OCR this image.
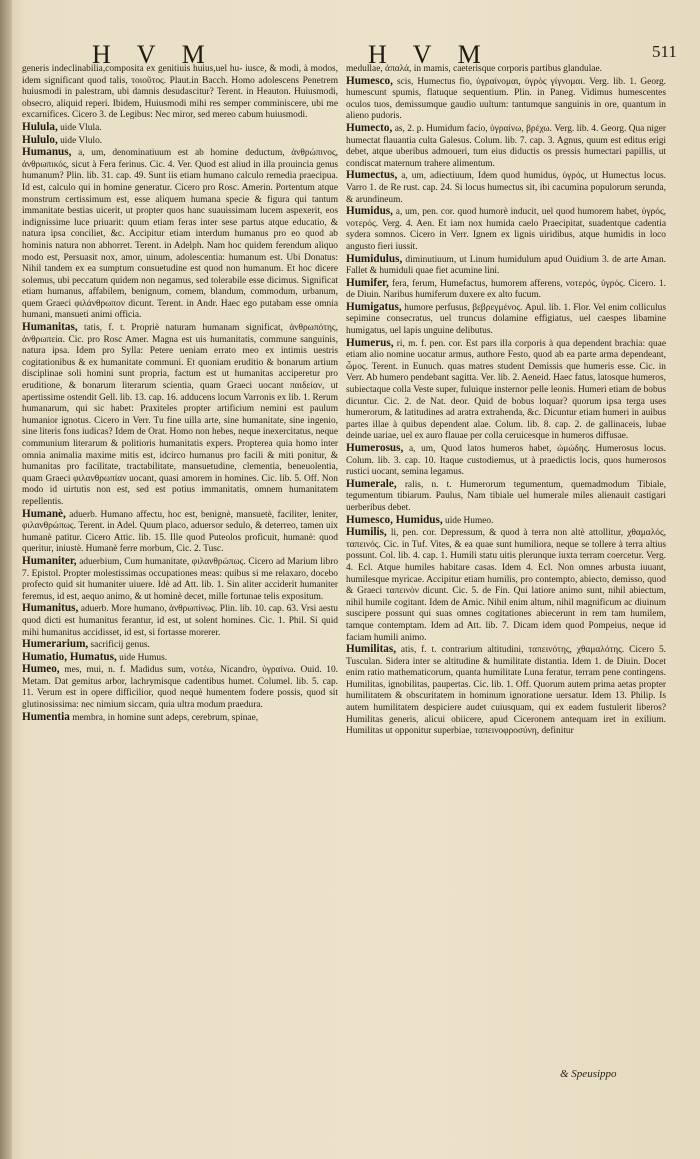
H V M	H V M	511

generis indeclinabilia,composita ex genitiuis huius,uel hu- iusce, & modi, à modos, idem significant quod talis, τοιοῦτος. Plaut.in Bacch. Homo adolescens Penetrem huiusmodi in palestram, ubi damnis desudascitur? Terent. in Heauton. Huiusmodi, obsecro, aliquid reperi. Ibidem, Huiusmodi mihi res semper comminiscere, ubi me excarnifices. Cicero 3. de Legibus: Nec miror, sed mereo cabum huiusmodi.

Hulula, uide Vlula.

Hululo, uide Vlulo.

Humanus, a, um, denominatiuum est ab homine deductum, ἀνθρώπινος, ἀνθρωπικός, sicut à Fera ferinus. Cic. 4. Ver. Quod est aliud in illa prouincia genus humanum? Plin. lib. 31. cap. 49. Sunt iis etiam humano calculo remedia praecipua. Id est, calculo qui in homine generatur. Cicero pro Rosc. Amerin. Portentum atque monstrum certissimum est, esse aliquem humana specie & figura qui tantum immanitate bestias uicerit, ut propter quos hanc suauissimam lucem aspexerit, eos indignissime luce priuarit: quum etiam feras inter sese partus atque educatio, & natura ipsa conciliet, &c. Accipitur etiam interdum humanus pro eo quod ab hominis natura non abhorret. Terent. in Adelph. Nam hoc quidem ferendum aliquo modo est, Persuasit nox, amor, uinum, adolescentia: humanum est. Ubi Donatus: Nihil tandem ex ea sumptum consuetudine est quod non humanum. Et hoc dicere solemus, ubi peccatum quidem non negamus, sed tolerabile esse dicimus. Significat etiam humanus, affabilem, benignum, comem, blandum, commodum, urbanum, quem Graeci φιλάνθρωπον dicunt. Terent. in Andr. Haec ego putabam esse omnia humani, mansueti animi officia.

Humanitas, tatis, f. t. Propriè naturam humanam significat, ἀνθρωπότης, ἀνθρωπεία. Cic. pro Rosc Amer. Magna est uis humanitatis, commune sanguinis, natura ipsa. Idem pro Sylla: Petere ueniam errato meo ex intimis uestris cogitationibus & ex humanitate communi. Et quoniam eruditio & bonarum artium disciplinae soli homini sunt propria, factum est ut humanitas acciperetur pro eruditione, & bonarum literarum scientia, quam Graeci uocant παιδείαν, ut apertissime ostendit Gell. lib. 13. cap. 16. adducens locum Varronis ex lib. 1. Rerum humanarum, qui sic habet: Praxiteles propter artificium nemini est paulum humanior ignotus. Cicero in Verr. Tu fine uilla arte, sine humanitate, sine ingenio, sine literis fons iudicas? Idem de Orat. Homo non hebes, neque inexercitatus, neque communium literarum & politioris humanitatis expers. Propterea quia homo inter omnia animalia maxime mitis est, idcirco humanus pro facili & miti ponitur, & humanitas pro facilitate, tractabilitate, mansuetudine, clementia, beneuolentia, quam Graeci φιλανθρωπίαν uocant, quasi amorem in homines. Cic. lib. 5. Off. Non modo id uirtutis non est, sed est potius immanitatis, omnem humanitatem repellentis.

Humanè, aduerb. Humano affectu, hoc est, benignè, mansuetè, faciliter, leniter, φιλανθρώπως. Terent. in Adel. Quum placo, aduersor sedulo, & deterreo, tamen uix humanè patitur. Cicero Attic. lib. 15. Ille quod Puteolos proficuit, humanè: quod queritur, iniustè. Humanè ferre morbum, Cic. 2. Tusc.

Humaniter, aduerbium, Cum humanitate, φιλανθρώπως. Cicero ad Marium libro 7. Epistol. Propter molestissimas occupationes meas: quibus si me relaxaro, docebo profecto quid sit humaniter uiuere. Idè ad Att. lib. 1. Sin aliter acciderit humaniter feremus, id est, aequo animo, & ut hominè decet, mille fortunae telis expositum.

Humanitus, aduerb. More humano, ἀνθρωπίνως. Plin. lib. 10. cap. 63. Vrsi aestu quod dicti est humanitus ferantur, id est, ut solent homines. Cic. 1. Phil. Si quid mihi humanitus accidisset, id est, si fortasse morerer.

Humerarium, sacrificij genus.

Humatio, Humatus, uide Humus.

Humeo, mes, mui, n. f. Madidus sum, νοτέω, Nicandro, ὑγραίνω. Ouid. 10. Metam. Dat gemitus arbor, lachrymisque cadentibus humet. Columel. lib. 5. cap. 11. Verum est in opere difficilior, quod nequè humentem fodere possis, quod sit glutinosissima: nec nimium siccam, quia ultra modum praedura.

Humentia membra, in homine sunt adeps, cerebrum, spinae,

medullae, ἀπαλά, in mamis, caeterisque corporis partibus glandulae.

Humesco, scis, Humectus fio, ὑγραίνομαι, ὑγρὸς γίγνομαι. Verg. lib. 1. Georg. humescunt spumis, flatuque sequentium. Plin. in Paneg. Vidimus humescentes oculos tuos, demissumque gaudio uultum: tantumque sanguinis in ore, quantum in alieno pudoris.

Humecto, as, 2. p. Humidum facio, ὑγραίνω, βρέχω. Verg. lib. 4. Georg. Qua niger humectat flauantia culta Galesus. Colum. lib. 7. cap. 3. Agnus, quum est editus erigi debet, atque uberibus admoueri, tum eius diductis os pressis humectari papillis, ut condiscat maternum trahere alimentum.

Humectus, a, um, adiectiuum, Idem quod humidus, ὑγρός, ut Humectus locus. Varro 1. de Re rust. cap. 24. Si locus humectus sit, ibi cacumina populorum serunda, & arundineum.

Humidus, a, um, pen. cor. quod humorè inducit, uel quod humorem habet, ὑγρός, νοτερός. Verg. 4. Aen. Et iam nox humida caelo Praecipitat, suadentque cadentia sydera somnos. Cicero in Verr. Ignem ex lignis uiridibus, atque humidis in loco angusto fieri iussit.

Humidulus, diminutiuum, ut Linum humidulum apud Ouidium 3. de arte Aman. Fallet & humiduli quae fiet acumine lini.

Humifer, fera, ferum, Humefactus, humorem afferens, νοτερός, ὑγρός. Cicero. 1. de Diuin. Naribus humiferum duxere ex alto fucum.

Humigatus, humore perfusus, βεβρεγμένος. Apul. lib. 1. Flor. Vel enim colliculus sepimine consecratus, uel truncus dolamine effigiatus, uel caespes libamine humigatus, uel lapis unguine delibutus.

Humerus, ri, m. f. pen. cor. Est pars illa corporis à qua dependent brachia: quae etiam alio nomine uocatur armus, authore Festo, quod ab ea parte arma dependeant, ὦμος. Terent. in Eunuch. quas matres student Demissis que humeris esse. Cic. in Verr. Ab humero pendebant sagitta. Ver. lib. 2. Aeneid. Haec fatus, latosque humeros, subiectaque colla Veste super, fuluique insternor pelle leonis. Humeri etiam de bobus dicuntur. Cic. 2. de Nat. deor. Quid de bobus loquar? quorum ipsa terga uses humerorum, & latitudines ad aratra extrahenda, &c. Dicuntur etiam humeri in auibus partes illae à quibus dependent alae. Colum. lib. 8. cap. 2. de gallinaceis, lubae deinde uariae, uel ex auro flauae per colla ceruicesque in humeros diffusae.

Humerosus, a, um, Quod latos humeros habet, ὠμώδης. Humerosus locus. Colum. lib. 3. cap. 10. Itaque custodiemus, ut à praedictis locis, quos humerosos rustici uocant, semina legamus.

Humerale, ralis, n. t. Humerorum tegumentum, quemadmodum Tibiale, tegumentum tibiarum. Paulus, Nam tibiale uel humerale miles alienauit castigari uerberibus debet.

Humesco, Humidus, uide Humeo.

Humilis, li, pen. cor. Depressum, & quod à terra non altè attollitur, χθαμαλός, ταπεινός. Cic. in Tuf. Vites, & ea quae sunt humiliora, neque se tollere à terra altius possunt. Col. lib. 4. cap. 1. Humili statu uitis plerunque iuxta terram coercetur. Verg. 4. Ecl. Atque humiles habitare casas. Idem 4. Ecl. Non omnes arbusta iuuant, humilesque myricae. Accipitur etiam humilis, pro contempto, abiecto, demisso, quod & Graeci ταπεινὸν dicunt. Cic. 5. de Fin. Qui latiore animo sunt, nihil abiectum, nihil humile cogitant. Idem de Amic. Nihil enim altum, nihil magnificum ac diuinum suscipere possunt qui suas omnes cogitationes abiecerunt in rem tam humilem, tamque contemptam. Idem ad Att. lib. 7. Dicam idem quod Pompeius, neque id faciam humili animo.

Humilitas, atis, f. t. contrarium altitudini, ταπεινότης, χθαμαλότης. Cicero 5. Tusculan. Sidera inter se altitudine & humilitate distantia. Idem 1. de Diuin. Docet enim ratio mathematicorum, quanta humilitate Luna feratur, terram pene contingens. Humilitas, ignobilitas, paupertas. Cic. lib. 1. Off. Quorum autem prima aetas propter humilitatem & obscuritatem in hominum ignoratione uersatur. Idem 13. Philip. Is autem humilitatem despiciere audet cuiusquam, qui ex eadem fustulerit liberos? Humilitas generis, alicui obiicere, apud Ciceronem antequam iret in exilium. Humilitas ut opponitur superbiae, ταπεινοφροσύνη, definitur

& Speusippo
